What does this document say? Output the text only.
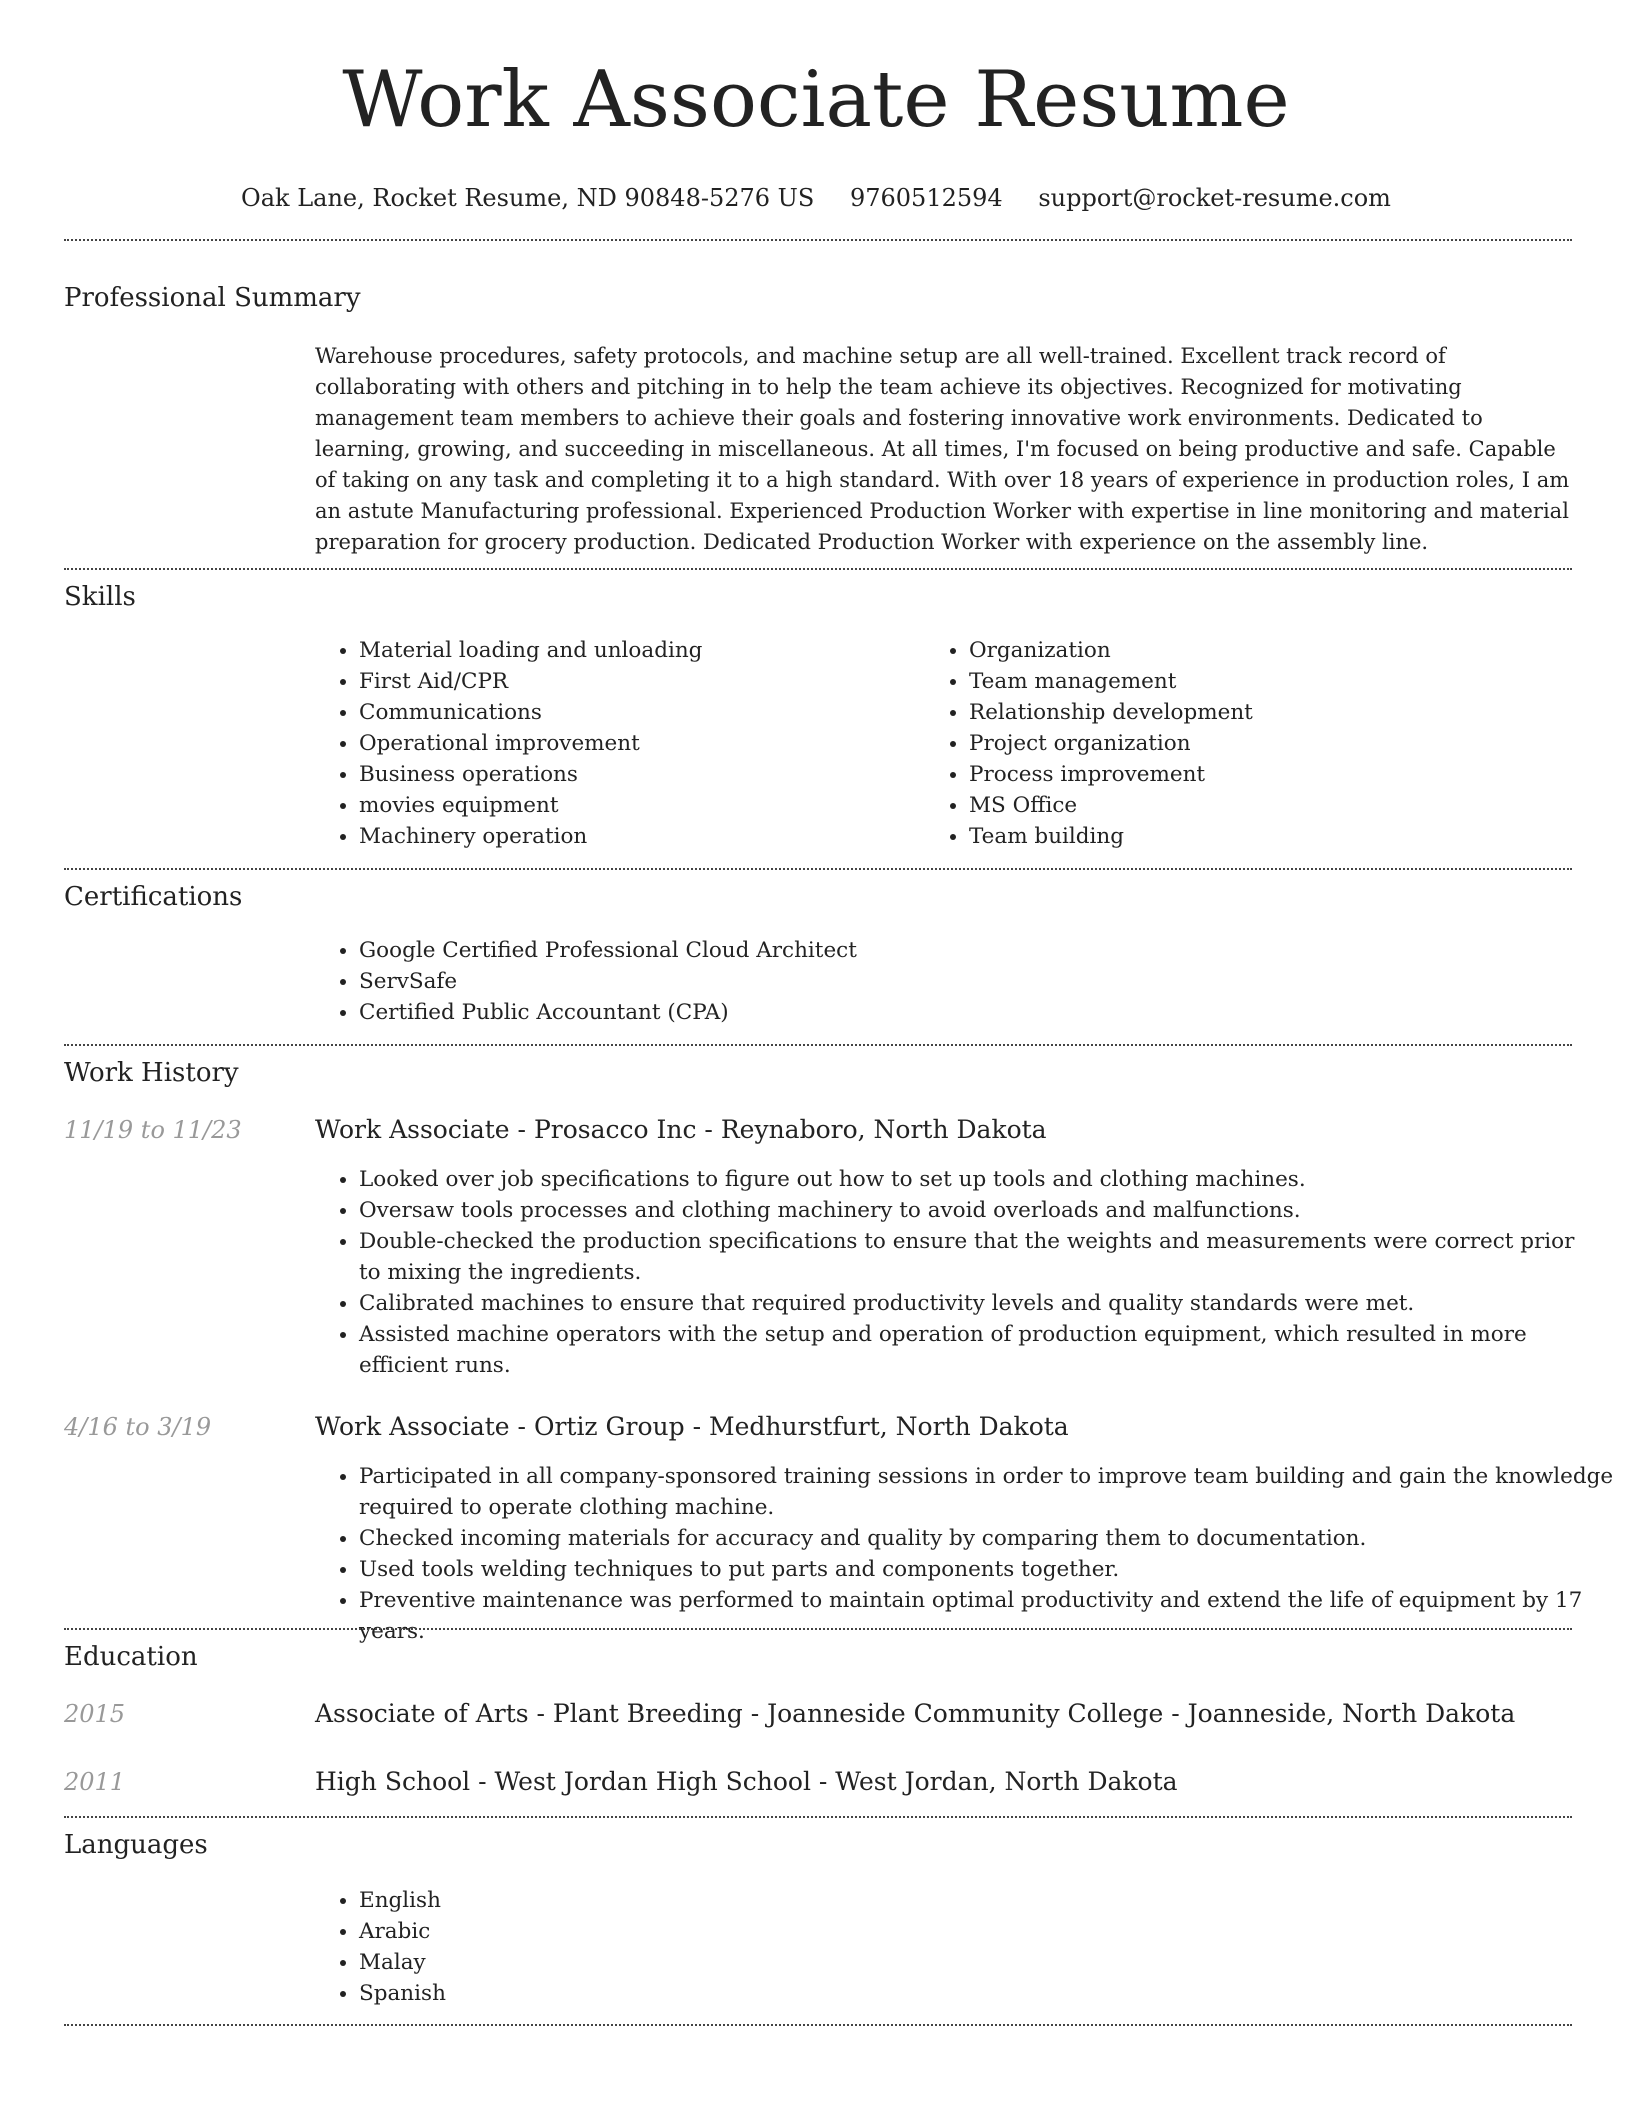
Work Associate Resume
Oak Lane, Rocket Resume, ND 90848-5276 US 9760512594 support@rocket-resume.com
Professional Summary

Warehouse procedures, safety protocols, and machine setup are all well-trained. Excellent track record of collaborating with others and pitching in to help the team achieve its objectives. Recognized for motivating management team members to achieve their goals and fostering innovative work environments. Dedicated to learning, growing, and succeeding in miscellaneous. At all times, I'm focused on being productive and safe. Capable of taking on any task and completing it to a high standard. With over 18 years of experience in production roles, I am an astute Manufacturing professional. Experienced Production Worker with expertise in line monitoring and material preparation for grocery production. Dedicated Production Worker with experience on the assembly line.

Skills
• Material loading and unloading
• First Aid/CPR
• Communications
• Operational improvement
• Business operations
• movies equipment
• Machinery operation
• Organization
• Team management
• Relationship development
• Project organization
• Process improvement
• MS Office
• Team building
Certifications
• Google Certified Professional Cloud Architect
• ServSafe
• Certified Public Accountant (CPA)
Work History
11/19 to 11/23	Work Associate - Prosacco Inc - Reynaboro, North Dakota
• Looked over job specifications to figure out how to set up tools and clothing machines.
• Oversaw tools processes and clothing machinery to avoid overloads and malfunctions.
• Double-checked the production specifications to ensure that the weights and measurements were correct prior to mixing the ingredients.
• Calibrated machines to ensure that required productivity levels and quality standards were met.
• Assisted machine operators with the setup and operation of production equipment, which resulted in more efficient runs.
4/16 to 3/19	Work Associate - Ortiz Group - Medhurstfurt, North Dakota
• Participated in all company-sponsored training sessions in order to improve team building and gain the knowledge required to operate clothing machine.
• Checked incoming materials for accuracy and quality by comparing them to documentation.
• Used tools welding techniques to put parts and components together.
• Preventive maintenance was performed to maintain optimal productivity and extend the life of equipment by 17 years.
Education
2015	Associate of Arts - Plant Breeding - Joanneside Community College - Joanneside, North Dakota
2011	High School - West Jordan High School - West Jordan, North Dakota
Languages
• English
• Arabic
• Malay
• Spanish
